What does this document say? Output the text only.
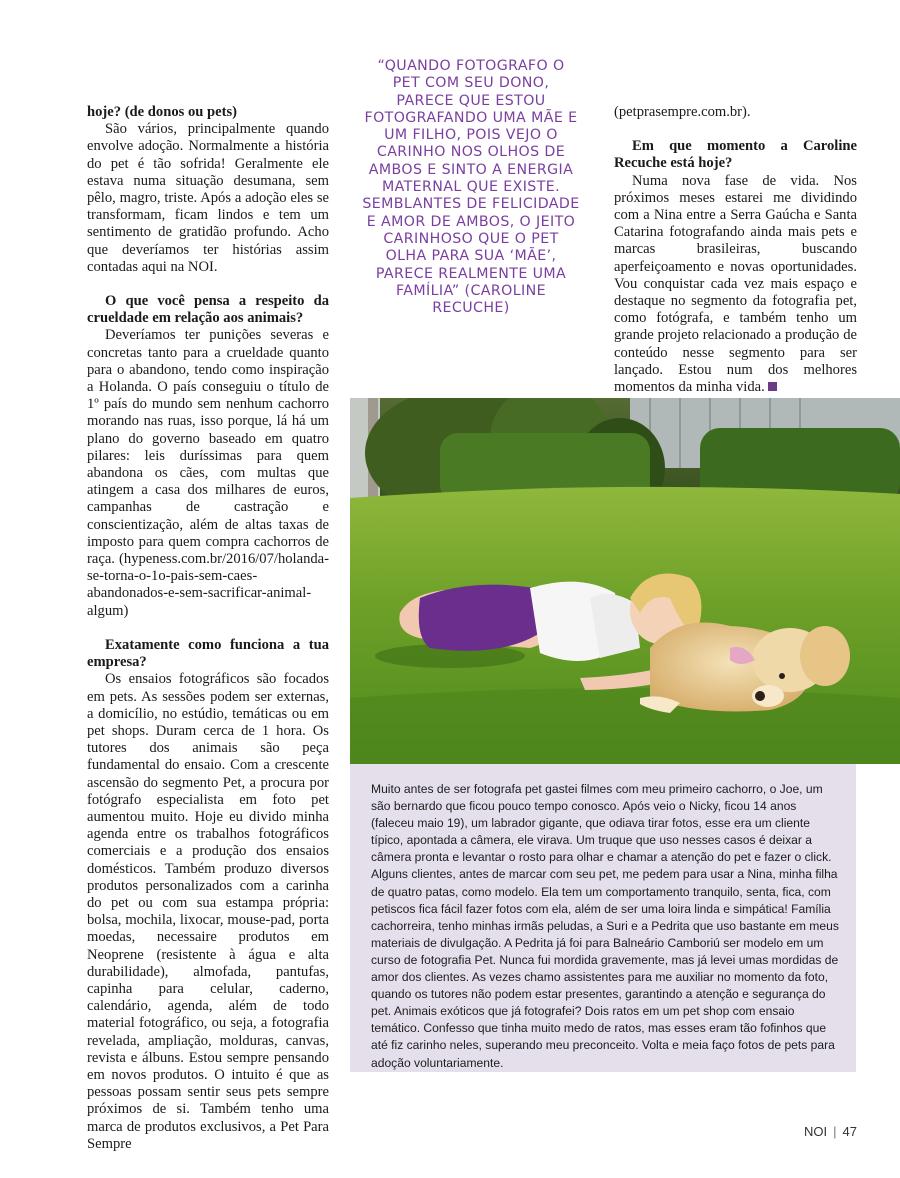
hoje? (de donos ou pets)

São vários, principalmente quando envolve adoção. Normalmente a história do pet é tão sofrida! Geralmente ele estava numa situação desumana, sem pêlo, magro, triste. Após a adoção eles se transformam, ficam lindos e tem um sentimento de gratidão profundo. Acho que deveríamos ter histórias assim contadas aqui na NOI.

O que você pensa a respeito da crueldade em relação aos animais?

Deveríamos ter punições severas e concretas tanto para a crueldade quanto para o abandono, tendo como inspiração a Holanda. O país conseguiu o título de 1º país do mundo sem nenhum cachorro morando nas ruas, isso porque, lá há um plano do governo baseado em quatro pilares: leis duríssimas para quem abandona os cães, com multas que atingem a casa dos milhares de euros, campanhas de castração e conscientização, além de altas taxas de imposto para quem compra cachorros de raça. (hypeness.com.br/2016/07/holanda-se-torna-o-1o-pais-sem-caes-abandonados-e-sem-sacrificar-animal-algum)

Exatamente como funciona a tua empresa?

Os ensaios fotográficos são focados em pets. As sessões podem ser externas, a domicílio, no estúdio, temáticas ou em pet shops. Duram cerca de 1 hora. Os tutores dos animais são peça fundamental do ensaio. Com a crescente ascensão do segmento Pet, a procura por fotógrafo especialista em foto pet aumentou muito. Hoje eu divido minha agenda entre os trabalhos fotográficos comerciais e a produção dos ensaios domésticos. Também produzo diversos produtos personalizados com a carinha do pet ou com sua estampa própria: bolsa, mochila, lixocar, mouse-pad, porta moedas, necessaire produtos em Neoprene (resistente à água e alta durabilidade), almofada, pantufas, capinha para celular, caderno, calendário, agenda, além de todo material fotográfico, ou seja, a fotografia revelada, ampliação, molduras, canvas, revista e álbuns. Estou sempre pensando em novos produtos. O intuito é que as pessoas possam sentir seus pets sempre próximos de si. Também tenho uma marca de produtos exclusivos, a Pet Para Sempre

“QUANDO FOTOGRAFO O PET COM SEU DONO, PARECE QUE ESTOU FOTOGRAFANDO UMA MÃE E UM FILHO, POIS VEJO O CARINHO NOS OLHOS DE AMBOS E SINTO A ENERGIA MATERNAL QUE EXISTE. SEMBLANTES DE FELICIDADE E AMOR DE AMBOS, O JEITO CARINHOSO QUE O PET OLHA PARA SUA ‘MÃE’, PARECE REALMENTE UMA FAMÍLIA” (CAROLINE RECUCHE)

(petprasempre.com.br).

Em que momento a Caroline Recuche está hoje?

Numa nova fase de vida. Nos próximos meses estarei me dividindo com a Nina entre a Serra Gaúcha e Santa Catarina fotografando ainda mais pets e marcas brasileiras, buscando aperfeiçoamento e novas oportunidades. Vou conquistar cada vez mais espaço e destaque no segmento da fotografia pet, como fotógrafa, e também tenho um grande projeto relacionado a produção de conteúdo nesse segmento para ser lançado. Estou num dos melhores momentos da minha vida.

Muito antes de ser fotografa pet gastei filmes com meu primeiro cachorro, o Joe, um são bernardo que ficou pouco tempo conosco. Após veio o Nicky, ficou 14 anos (faleceu maio 19), um labrador gigante, que odiava tirar fotos, esse era um cliente típico, apontada a câmera, ele virava. Um truque que uso nesses casos é deixar a câmera pronta e levantar o rosto para olhar e chamar a atenção do pet e fazer o click. Alguns clientes, antes de marcar com seu pet, me pedem para usar a Nina, minha filha de quatro patas, como modelo. Ela tem um comportamento tranquilo, senta, fica, com petiscos fica fácil fazer fotos com ela, além de ser uma loira linda e simpática! Família cachorreira, tenho minhas irmãs peludas, a Suri e a Pedrita que uso bastante em meus materiais de divulgação. A Pedrita já foi para Balneário Camboriú ser modelo em um curso de fotografia Pet. Nunca fui mordida gravemente, mas já levei umas mordidas de amor dos clientes. As vezes chamo assistentes para me auxiliar no momento da foto, quando os tutores não podem estar presentes, garantindo a atenção e segurança do pet. Animais exóticos que já fotografei? Dois ratos em um pet shop com ensaio temático. Confesso que tinha muito medo de ratos, mas esses eram tão fofinhos que até fiz carinho neles, superando meu preconceito. Volta e meia faço fotos de pets para adoção voluntariamente.

NOI | 47
